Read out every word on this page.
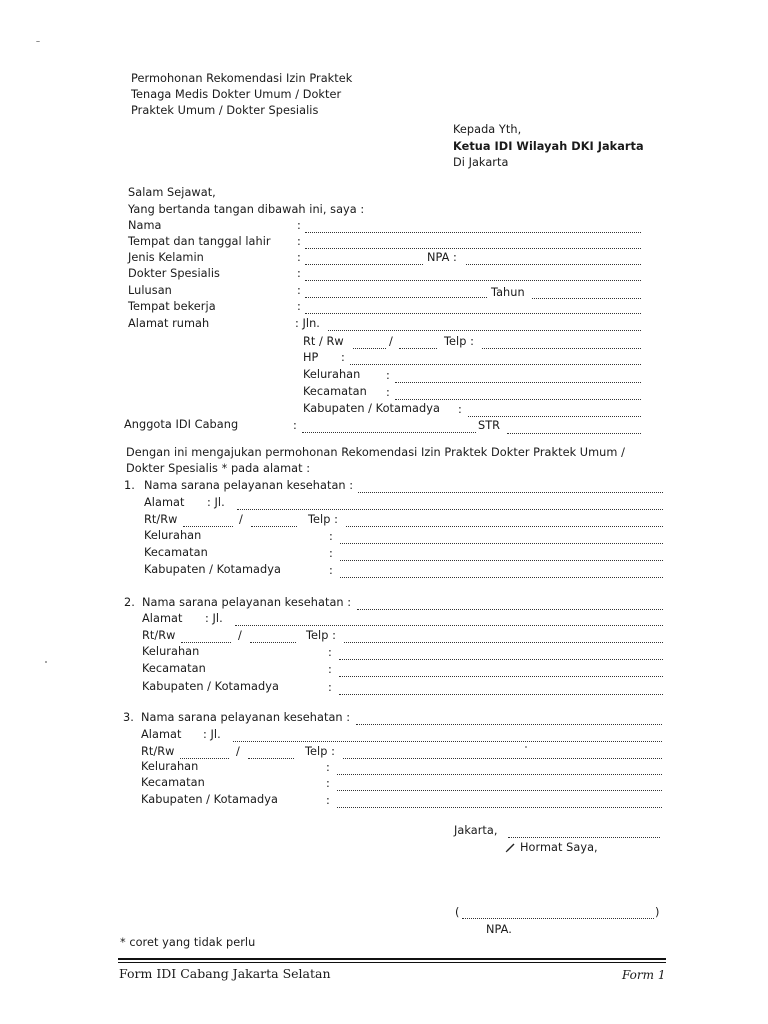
Permohonan Rekomendasi Izin Praktek
Tenaga Medis Dokter Umum / Dokter
Praktek Umum / Dokter Spesialis
Kepada Yth,
Ketua IDI Wilayah DKI Jakarta
Di Jakarta
Salam Sejawat,
Yang bertanda tangan dibawah ini, saya :
Nama	:
Tempat dan tanggal lahir :
Jenis Kelamin	:	NPA :
Dokter Spesialis	:
Lulusan	:	Tahun
Tempat bekerja	:
Alamat rumah	: Jln.
Rt / Rw	/	Telp :
HP :
Kelurahan :
Kecamatan :
Kabupaten / Kotamadya :
Anggota IDI Cabang	:	STR
Dengan ini mengajukan permohonan Rekomendasi Izin Praktek Dokter Praktek Umum /
Dokter Spesialis * pada alamat :
1. Nama sarana pelayanan kesehatan :
Alamat : Jl.
Rt/Rw	/	Telp :
Kelurahan	:
Kecamatan	:
Kabupaten / Kotamadya	:
2. Nama sarana pelayanan kesehatan :
Alamat : Jl.
Rt/Rw	/	Telp :
Kelurahan	:
Kecamatan	:
Kabupaten / Kotamadya	:
3. Nama sarana pelayanan kesehatan :
Alamat : Jl.
Rt/Rw	/	Telp :
Kelurahan	:
Kecamatan	:
Kabupaten / Kotamadya	:
Jakarta,
Hormat Saya,
(	)
NPA.
* coret yang tidak perlu
Form IDI Cabang Jakarta Selatan	Form 1
